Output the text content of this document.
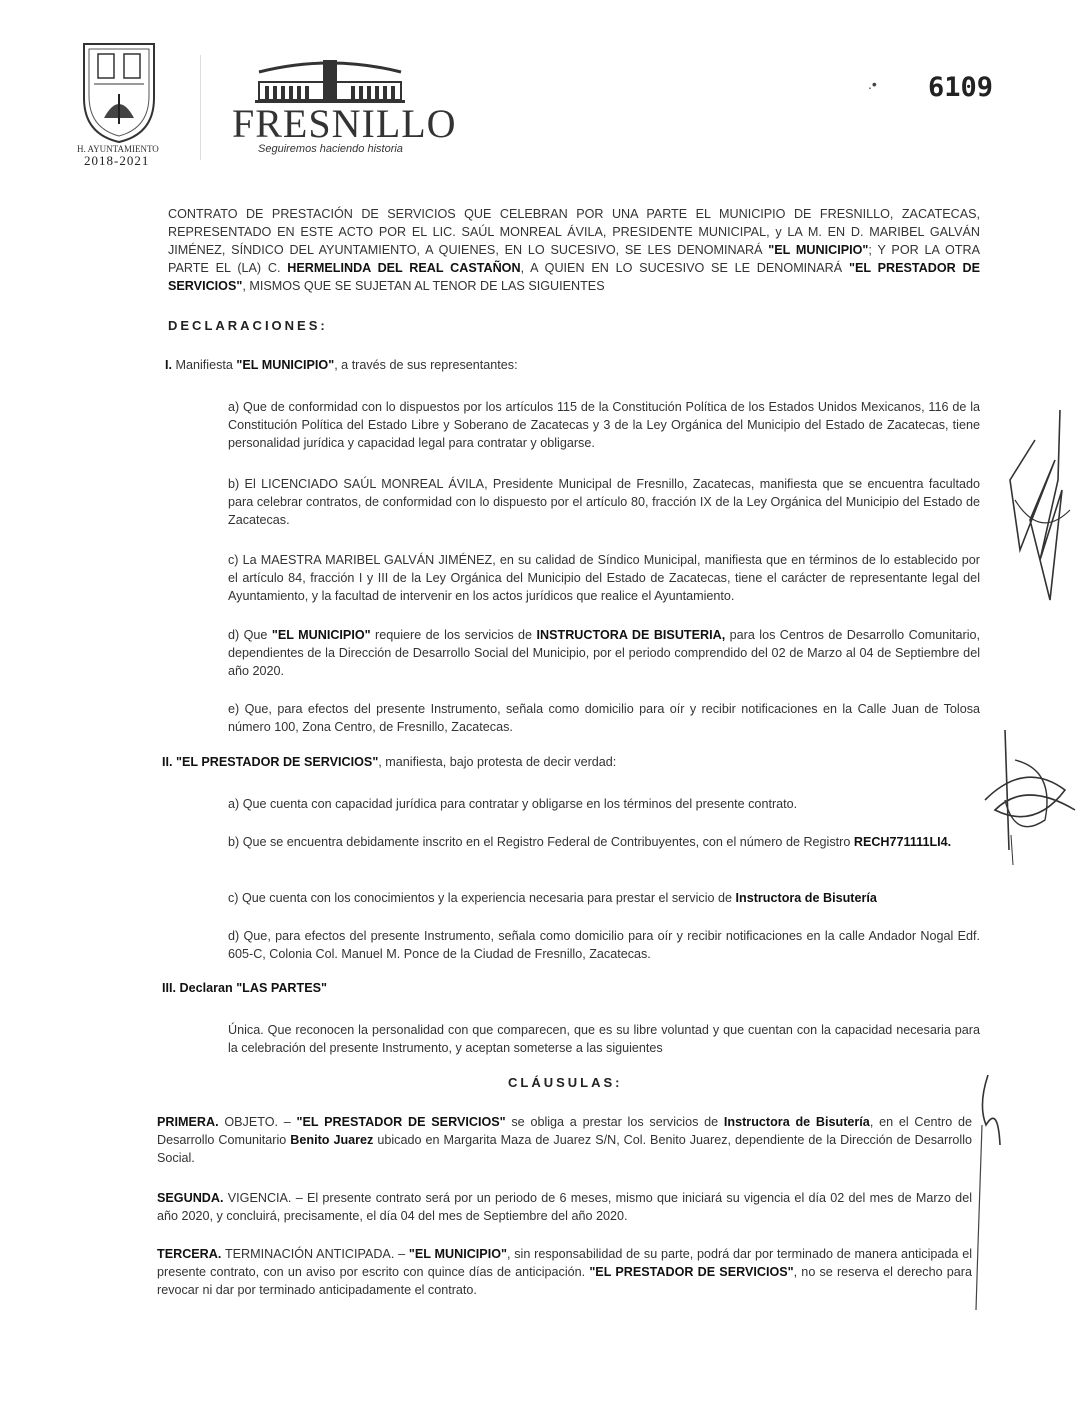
H. AYUNTAMIENTO
2018-2021
FRESNILLO
Seguiremos haciendo historia
.• 6109
CONTRATO DE PRESTACIÓN DE SERVICIOS QUE CELEBRAN POR UNA PARTE EL MUNICIPIO DE FRESNILLO, ZACATECAS, REPRESENTADO EN ESTE ACTO POR EL LIC. SAÚL MONREAL ÁVILA, PRESIDENTE MUNICIPAL, y LA M. EN D. MARIBEL GALVÁN JIMÉNEZ, SÍNDICO DEL AYUNTAMIENTO, A QUIENES, EN LO SUCESIVO, SE LES DENOMINARÁ "EL MUNICIPIO"; Y POR LA OTRA PARTE EL (LA) C. HERMELINDA DEL REAL CASTAÑON, A QUIEN EN LO SUCESIVO SE LE DENOMINARÁ "EL PRESTADOR DE SERVICIOS", MISMOS QUE SE SUJETAN AL TENOR DE LAS SIGUIENTES
DECLARACIONES:
I. Manifiesta "EL MUNICIPIO", a través de sus representantes:
a) Que de conformidad con lo dispuestos por los artículos 115 de la Constitución Política de los Estados Unidos Mexicanos, 116 de la Constitución Política del Estado Libre y Soberano de Zacatecas y 3 de la Ley Orgánica del Municipio del Estado de Zacatecas, tiene personalidad jurídica y capacidad legal para contratar y obligarse.
b) El LICENCIADO SAÚL MONREAL ÁVILA, Presidente Municipal de Fresnillo, Zacatecas, manifiesta que se encuentra facultado para celebrar contratos, de conformidad con lo dispuesto por el artículo 80, fracción IX de la Ley Orgánica del Municipio del Estado de Zacatecas.
c) La MAESTRA MARIBEL GALVÁN JIMÉNEZ, en su calidad de Síndico Municipal, manifiesta que en términos de lo establecido por el artículo 84, fracción I y III de la Ley Orgánica del Municipio del Estado de Zacatecas, tiene el carácter de representante legal del Ayuntamiento, y la facultad de intervenir en los actos jurídicos que realice el Ayuntamiento.
d) Que "EL MUNICIPIO" requiere de los servicios de INSTRUCTORA DE BISUTERIA, para los Centros de Desarrollo Comunitario, dependientes de la Dirección de Desarrollo Social del Municipio, por el periodo comprendido del 02 de Marzo al 04 de Septiembre del año 2020.
e) Que, para efectos del presente Instrumento, señala como domicilio para oír y recibir notificaciones en la Calle Juan de Tolosa número 100, Zona Centro, de Fresnillo, Zacatecas.
II. "EL PRESTADOR DE SERVICIOS", manifiesta, bajo protesta de decir verdad:
a) Que cuenta con capacidad jurídica para contratar y obligarse en los términos del presente contrato.
b) Que se encuentra debidamente inscrito en el Registro Federal de Contribuyentes, con el número de Registro RECH771111LI4.
c) Que cuenta con los conocimientos y la experiencia necesaria para prestar el servicio de Instructora de Bisutería
d) Que, para efectos del presente Instrumento, señala como domicilio para oír y recibir notificaciones en la calle Andador Nogal Edf. 605-C, Colonia Col. Manuel M. Ponce de la Ciudad de Fresnillo, Zacatecas.
III. Declaran "LAS PARTES"
Única. Que reconocen la personalidad con que comparecen, que es su libre voluntad y que cuentan con la capacidad necesaria para la celebración del presente Instrumento, y aceptan someterse a las siguientes
CLÁUSULAS:
PRIMERA. OBJETO. – "EL PRESTADOR DE SERVICIOS" se obliga a prestar los servicios de Instructora de Bisutería, en el Centro de Desarrollo Comunitario Benito Juarez ubicado en Margarita Maza de Juarez S/N, Col. Benito Juarez, dependiente de la Dirección de Desarrollo Social.
SEGUNDA. VIGENCIA. – El presente contrato será por un periodo de 6 meses, mismo que iniciará su vigencia el día 02 del mes de Marzo del año 2020, y concluirá, precisamente, el día 04 del mes de Septiembre del año 2020.
TERCERA. TERMINACIÓN ANTICIPADA. – "EL MUNICIPIO", sin responsabilidad de su parte, podrá dar por terminado de manera anticipada el presente contrato, con un aviso por escrito con quince días de anticipación. "EL PRESTADOR DE SERVICIOS", no se reserva el derecho para revocar ni dar por terminado anticipadamente el contrato.
